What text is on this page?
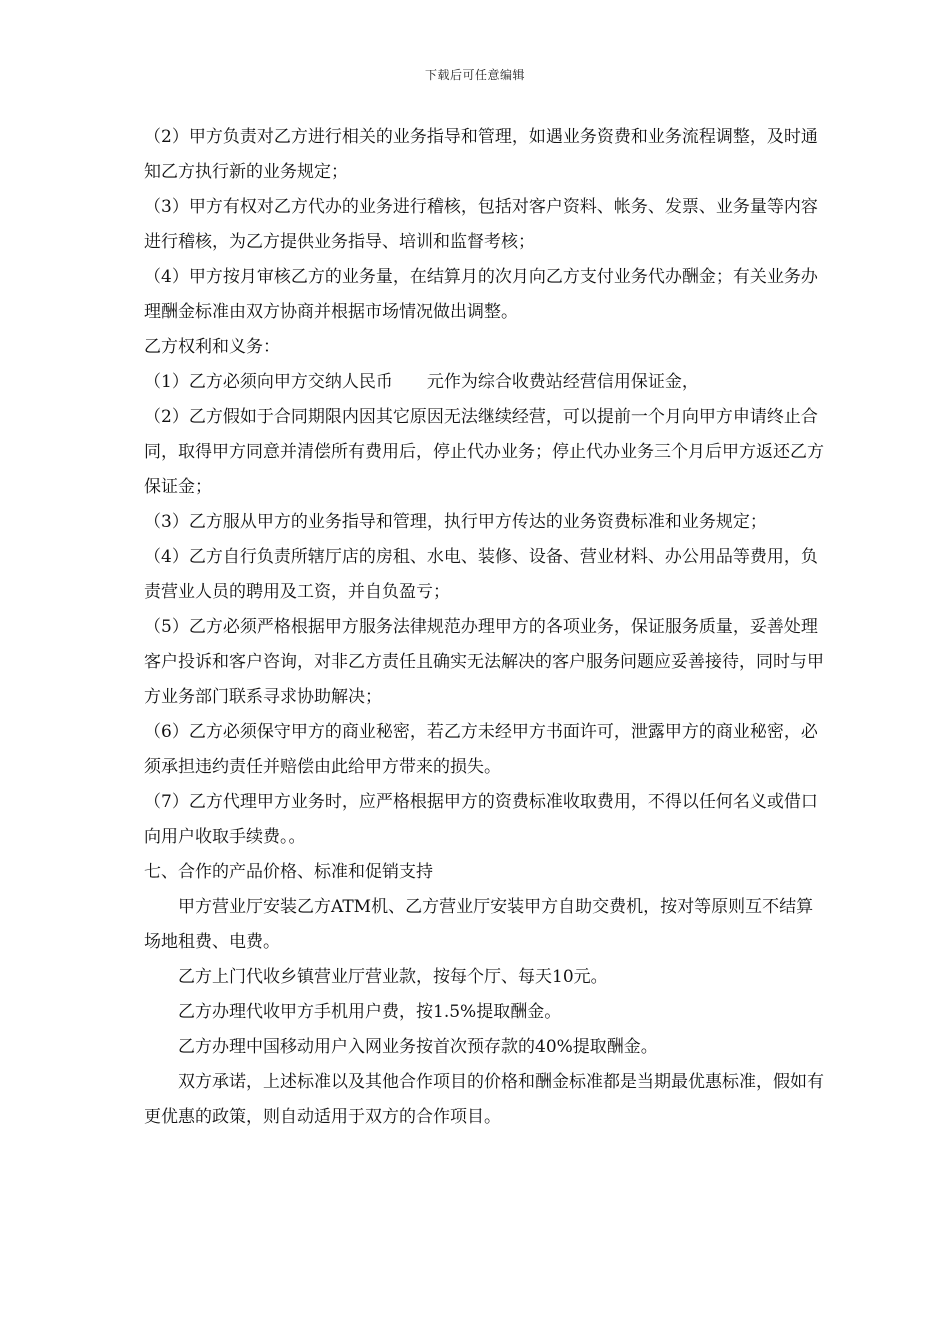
下载后可任意编辑

（2）甲方负责对乙方进行相关的业务指导和管理，如遇业务资费和业务流程调整，及时通知乙方执行新的业务规定；

（3）甲方有权对乙方代办的业务进行稽核，包括对客户资料、帐务、发票、业务量等内容进行稽核，为乙方提供业务指导、培训和监督考核；

（4）甲方按月审核乙方的业务量，在结算月的次月向乙方支付业务代办酬金；有关业务办理酬金标准由双方协商并根据市场情况做出调整。

乙方权利和义务：

（1）乙方必须向甲方交纳人民币　　元作为综合收费站经营信用保证金，

（2）乙方假如于合同期限内因其它原因无法继续经营，可以提前一个月向甲方申请终止合同，取得甲方同意并清偿所有费用后，停止代办业务；停止代办业务三个月后甲方返还乙方保证金；

（3）乙方服从甲方的业务指导和管理，执行甲方传达的业务资费标准和业务规定；

（4）乙方自行负责所辖厅店的房租、水电、装修、设备、营业材料、办公用品等费用，负责营业人员的聘用及工资，并自负盈亏；

（5）乙方必须严格根据甲方服务法律规范办理甲方的各项业务，保证服务质量，妥善处理客户投诉和客户咨询，对非乙方责任且确实无法解决的客户服务问题应妥善接待，同时与甲方业务部门联系寻求协助解决；

（6）乙方必须保守甲方的商业秘密，若乙方未经甲方书面许可，泄露甲方的商业秘密，必须承担违约责任并赔偿由此给甲方带来的损失。

（7）乙方代理甲方业务时，应严格根据甲方的资费标准收取费用，不得以任何名义或借口向用户收取手续费。。

七、合作的产品价格、标准和促销支持

甲方营业厅安装乙方ATM机、乙方营业厅安装甲方自助交费机，按对等原则互不结算场地租费、电费。

乙方上门代收乡镇营业厅营业款，按每个厅、每天10元。

乙方办理代收甲方手机用户费，按1.5%提取酬金。

乙方办理中国移动用户入网业务按首次预存款的40%提取酬金。

双方承诺，上述标准以及其他合作项目的价格和酬金标准都是当期最优惠标准，假如有更优惠的政策，则自动适用于双方的合作项目。
